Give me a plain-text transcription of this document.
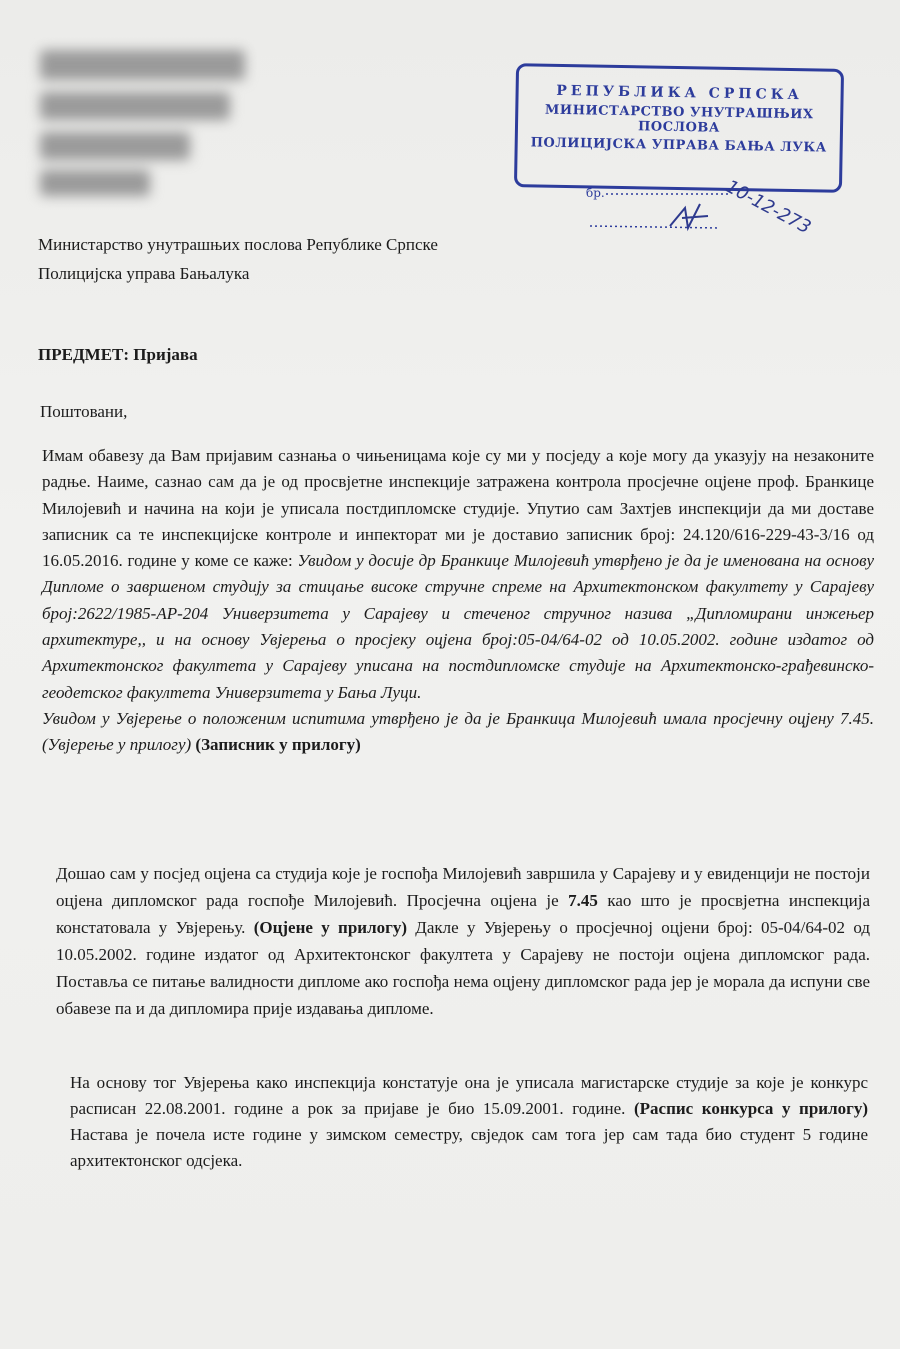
РЕПУБЛИКА СРПСКА
МИНИСТАРСТВО УНУТРАШЊИХ ПОСЛОВА
ПОЛИЦИЈСКА УПРАВА БАЊА ЛУКА
бр.	10-12-273
Министарство унутрашњих послова Републике Српске
Полицијска управа Бањалука
ПРЕДМЕТ: Пријава
Поштовани,
Имам обавезу да Вам пријавим сазнања о чињеницама које су ми у посједу а које могу да указују на незаконите радње. Наиме, сазнао сам да је од просвјетне инспекције затражена контрола просјечне оцјене проф. Бранкице Милојевић и начина на који је уписала постдипломске студије. Упутио сам Захтјев инспекцији да ми доставе записник са те инспекцијске контроле и инпекторат ми је доставио записник број: 24.120/616-229-43-3/16 од 16.05.2016. године у коме се каже: Увидом у досије др Бранкице Милојевић утврђено је да је именована на основу Дипломе о завршеном студију за стицање високе стручне спреме на Архитектонском факултету у Сарајеву број:2622/1985-АР-204 Универзитета у Сарајеву и стеченог стручног назива „Дипломирани инжењер архитектуре,, и на основу Увјерења о просјеку оцјена број:05-04/64-02 од 10.05.2002. године издатог од Архитектонског факултета у Сарајеву уписана на постдипломске студије на Архитектонско-грађевинско-геодетског факултета Универзитета у Бања Луци.
Увидом у Увјерење о положеним испитима утврђено је да је Бранкица Милојевић имала просјечну оцјену 7.45. (Увјерење у прилогу) (Записник у прилогу)
Дошао сам у посјед оцјена са студија које је госпођа Милојевић завршила у Сарајеву и у евиденцији не постоји оцјена дипломског рада госпође Милојевић. Просјечна оцјена је 7.45 као што је просвјетна инспекција констатовала у Увјерењу. (Оцјене у прилогу) Дакле у Увјерењу о просјечној оцјени број: 05-04/64-02 од 10.05.2002. године издатог од Архитектонског факултета у Сарајеву не постоји оцјена дипломског рада. Поставља се питање валидности дипломе ако госпођа нема оцјену дипломског рада јер је морала да испуни све обавезе па и да дипломира прије издавања дипломе.
На основу тог Увјерења како инспекција констатује она је уписала магистарске студије за које је конкурс расписан 22.08.2001. године а рок за пријаве је био 15.09.2001. године. (Распис конкурса у прилогу) Настава је почела исте године у зимском семестру, свједок сам тога јер сам тада био студент 5 године архитектонског одсјека.
